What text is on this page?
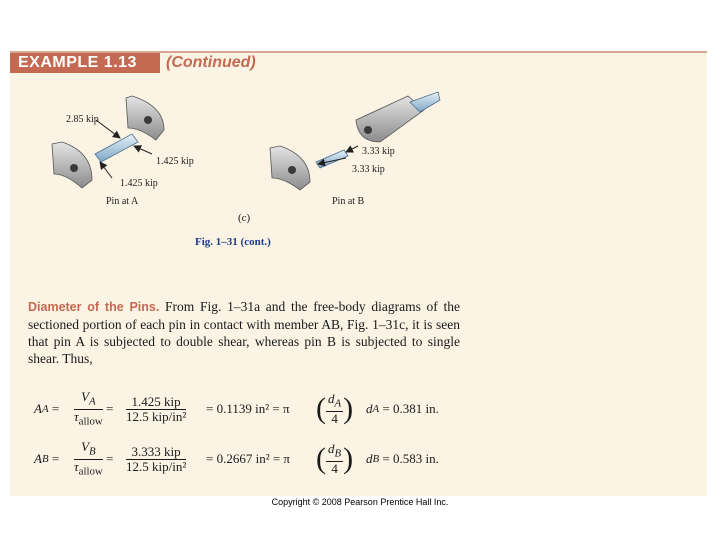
EXAMPLE 1.13	(Continued)
2.85 kip
1.425 kip
1.425 kip
Pin at A
3.33 kip
3.33 kip
Pin at B
(c)
Fig. 1–31 (cont.)
Diameter of the Pins. From Fig. 1–31a and the free-body diagrams of the sectioned portion of each pin in contact with member AB, Fig. 1–31c, it is seen that pin A is subjected to double shear, whereas pin B is subjected to single shear. Thus,
A $A = \frac{V_A}{\tau_{allow}} = \frac{\text{1.425 kip}}{\text{12.5 kip/in²}} = 0.1139$ in² = π ( $\frac{d_A}{4}$ ) d A
= 0.381 in.
A $B = \frac{V_B}{\tau_{allow}} = \frac{\text{3.333 kip}}{\text{12.5 kip/in²}} = 0.2667$ in² = π ( $\frac{d_B}{4}$ ) d B
= 0.583 in.
Copyright © 2008 Pearson Prentice Hall Inc.
